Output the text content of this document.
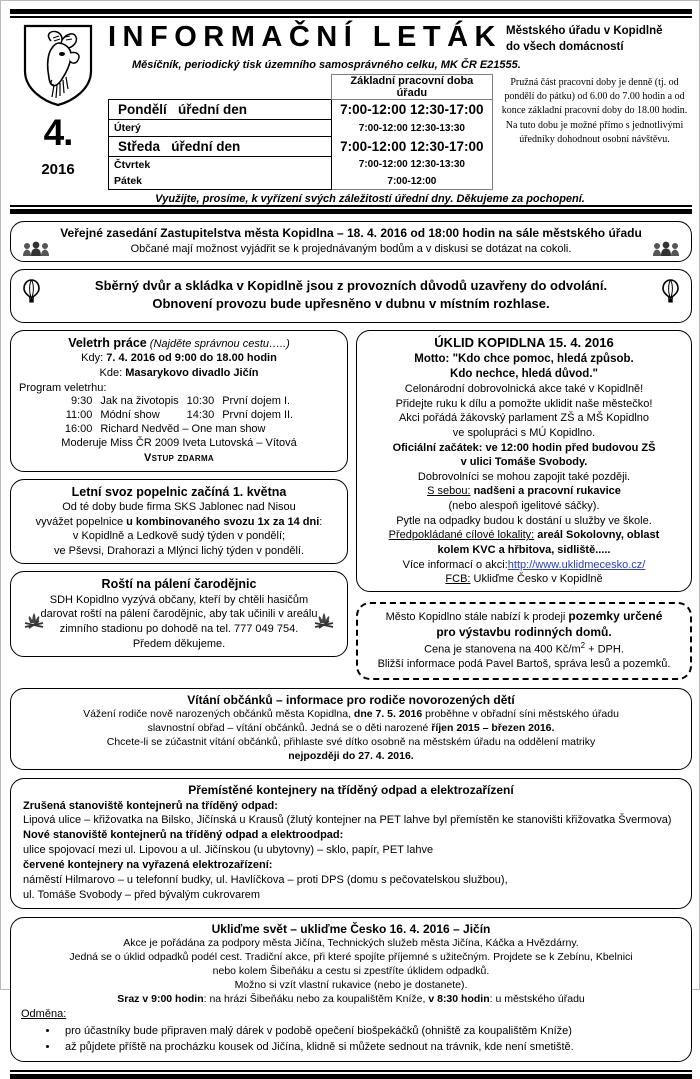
4.
2016
INFORMAČNÍ LETÁK Městského úřadu v Kopidlně
do všech domácností
Měsíčník, periodický tisk územního samosprávného celku, MK ČR E21555.
	Základní pracovní doba úřadu
Pondělí úřední den	7:00-12:00 12:30-17:00
Úterý	7:00-12:00 12:30-13:30
Středa úřední den	7:00-12:00 12:30-17:00
Čtvrtek	7:00-12:00 12:30-13:30
Pátek	7:00-12:00
Pružná část pracovní doby je denně (tj. od pondělí do pátku) od 6.00 do 7.00 hodin a od konce základní pracovní doby do 18.00 hodin. Na tuto dobu je možné přímo s jednotlivými úředníky dohodnout osobní návštěvu.
Využijte, prosíme, k vyřízení svých záležitostí úřední dny. Děkujeme za pochopení.
Veřejné zasedání Zastupitelstva města Kopidlna – 18. 4. 2016 od 18:00 hodin na sále městského úřadu
Občané mají možnost vyjádřit se k projednávaným bodům a v diskusi se dotázat na cokoli.
Sběrný dvůr a skládka v Kopidlně jsou z provozních důvodů uzavřeny do odvolání.
Obnovení provozu bude upřesněno v dubnu v místním rozhlase.
Veletrh práce (Najděte správnou cestu…..)
Kdy: 7. 4. 2016 od 9:00 do 18.00 hodin
Kde: Masarykovo divadlo Jičín
Program veletrhu:
9:30	Jak na životopis	10:30	První dojem I.
11:00	Módní show	14:30	První dojem II.
16:00	Richard Nedvěd – One man show		
Moderuje Miss ČR 2009 Iveta Lutovská – Vítová
Vstup zdarma
Letní svoz popelnic začíná 1. května
Od té doby bude firma SKS Jablonec nad Nisou
vyvážet popelnice u kombinovaného svozu 1x za 14 dni:
v Kopidlně a Ledkově sudý týden v pondělí;
ve Pševsi, Drahorazi a Mlýnci lichý týden v pondělí.
Roští na pálení čarodějnic
SDH Kopidlno vyzývá občany, kteří by chtěli hasičům
darovat roští na pálení čarodějnic, aby tak učinili v areálu
zimního stadionu po dohodě na tel. 777 049 754.
Předem děkujeme.
ÚKLID KOPIDLNA 15. 4. 2016
Motto: "Kdo chce pomoc, hledá způsob.
Kdo nechce, hledá důvod."
Celonárodní dobrovolnická akce také v Kopidlně!
Přidejte ruku k dílu a pomožte uklidit naše městečko!
Akci pořádá žákovský parlament ZŠ a MŠ Kopidlno
ve spolupráci s MÚ Kopidlno.
Oficiální začátek: ve 12:00 hodin před budovou ZŠ
v ulici Tomáše Svobody.
Dobrovolníci se mohou zapojit také později.
S sebou: nadšeni a pracovní rukavice
(nebo alespoň igelitové sáčky).
Pytle na odpadky budou k dostání u služby ve škole.
Předpokládané cílové lokality: areál Sokolovny, oblast
kolem KVC a hřbitova, sidliště.....
Více informací o akci:http://www.uklidmecesko.cz/
FCB: Ukliďme Česko v Kopidlně
Město Kopidlno stále nabízí k prodeji pozemky určené
pro výstavbu rodinných domů.
Cena je stanovena na 400 $Kč/m^2$ + DPH.
Bližší informace podá Pavel Bartoš, správa lesů a pozemků.
Vítání občánků – informace pro rodiče novorozených dětí
Vážení rodiče nově narozených občánků města Kopidlna, dne 7. 5. 2016 proběhne v obřadní síni městského úřadu
slavnostní obřad – vítání občánků. Jedná se o děti narozené říjen 2015 – březen 2016.
Chcete-li se zúčastnit vítání občánků, přihlaste své dítko osobně na městském úřadu na oddělení matriky
nejpozději do 27. 4. 2016.
Přemístěné kontejnery na tříděný odpad a elektrozařízení
Zrušená stanoviště kontejnerů na tříděný odpad:
Lipová ulice – křižovatka na Bilsko, Jičínská u Krausů (žlutý kontejner na PET lahve byl přemístěn ke stanovišti křižovatka Švermova)
Nové stanoviště kontejnerů na tříděný odpad a elektroodpad:
ulice spojovací mezi ul. Lipovou a ul. Jičínskou (u ubytovny) – sklo, papír, PET lahve
červené kontejnery na vyřazená elektrozařízení:
náměstí Hilmarovo – u telefonní budky, ul. Havlíčkova – proti DPS (domu s pečovatelskou službou),
ul. Tomáše Svobody – před bývalým cukrovarem
Ukliďme svět – ukliďme Česko 16. 4. 2016 – Jičín
Akce je pořádána za podpory města Jičína, Technických služeb města Jičína, Káčka a Hvězdárny.
Jedná se o úklid odpadků podél cest. Tradiční akce, při které spojíte příjemné s užitečným. Projdete se k Zebínu, Kbelnici
nebo kolem Šibeňáku a cestu si zpestříte úklidem odpadků.
Možno si vzít vlastní rukavice (nebo je dostanete).
Sraz v 9:00 hodin: na hrázi Šibeňáku nebo za koupalištěm Kníže, v 8:30 hodin: u městského úřadu
Odměna:
• pro účastníky bude připraven malý dárek v podobě opečení biošpekáčků (ohniště za koupalištěm Kníže)
• až půjdete příště na procházku kousek od Jičína, klidně si můžete sednout na trávnik, kde není smetiště.
